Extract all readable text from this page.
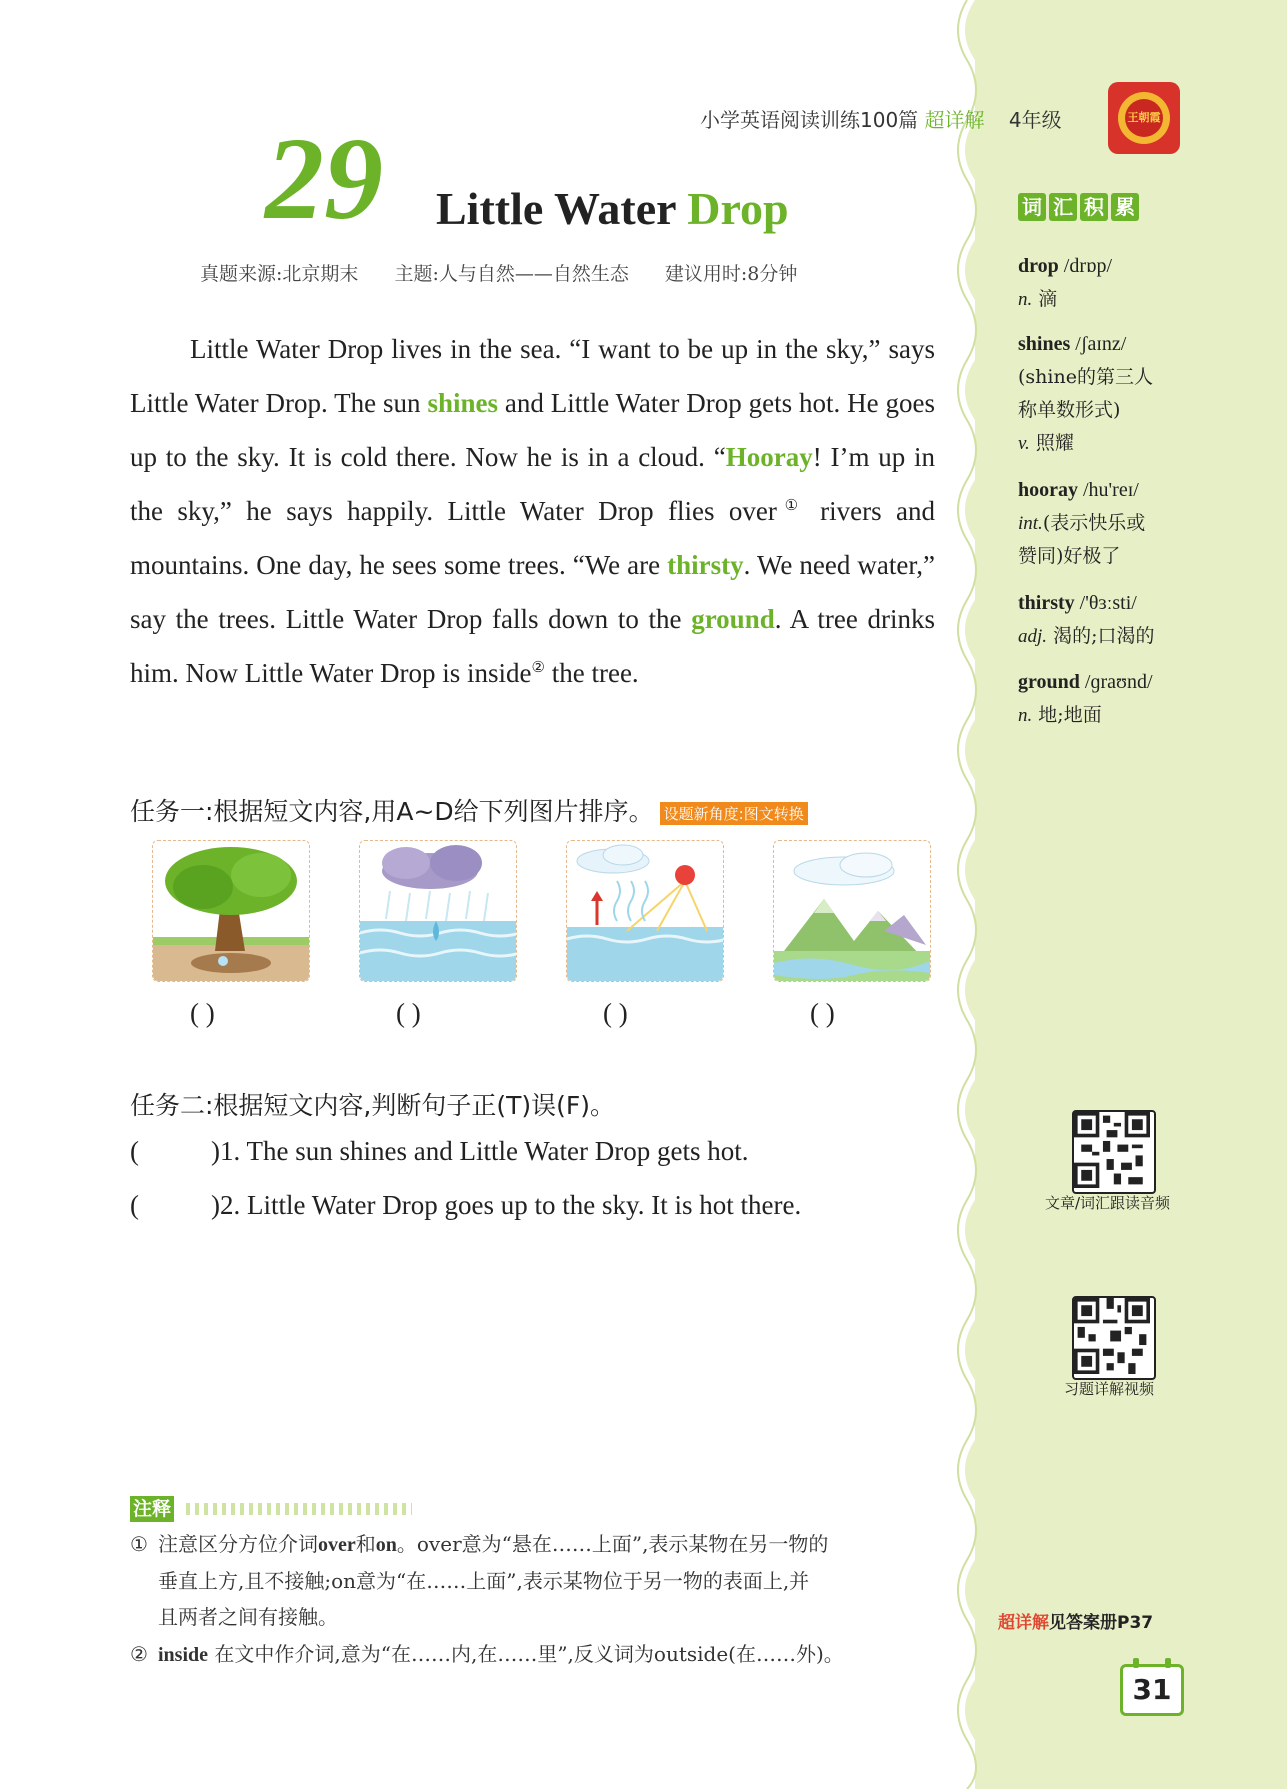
小学英语阅读训练100篇 超详解 4年级	王朝霞
29 Little Water Drop
真题来源:北京期末 主题:人与自然——自然生态 建议用时:8分钟

Little Water Drop lives in the sea. “I want to be up in the sky,” says Little Water Drop. The sun shines and Little Water Drop gets hot. He goes up to the sky. It is cold there. Now he is in a cloud. “Hooray! I’m up in the sky,” he says happily. Little Water Drop flies over① rivers and mountains. One day, he sees some trees. “We are thirsty. We need water,” say the trees. Little Water Drop falls down to the ground. A tree drinks him. Now Little Water Drop is inside② the tree.

任务一:根据短文内容,用A~D给下列图片排序。 设题新角度:图文转换
( )	( )	( )	( )
任务二:根据短文内容,判断句子正(T)误(F)。
(	)1. The sun shines and Little Water Drop gets hot.
(	)2. Little Water Drop goes up to the sky. It is hot there.
注释
① 注意区分方位介词over和on。over意为“悬在……上面”,表示某物在另一物的
垂直上方,且不接触;on意为“在……上面”,表示某物位于另一物的表面上,并
且两者之间有接触。
② inside 在文中作介词,意为“在……内,在……里”,反义词为outside(在……外)。
词 汇 积 累
drop /drɒp/
n. 滴
shines /ʃaɪnz/
(shine的第三人
称单数形式)
v. 照耀
hooray /hu'reɪ/
int.(表示快乐或
赞同)好极了
thirsty /'θɜːsti/
adj. 渴的;口渴的
ground /ɡraʊnd/
n. 地;地面
文章/词汇跟读音频
习题详解视频
超详解见答案册P37
31
